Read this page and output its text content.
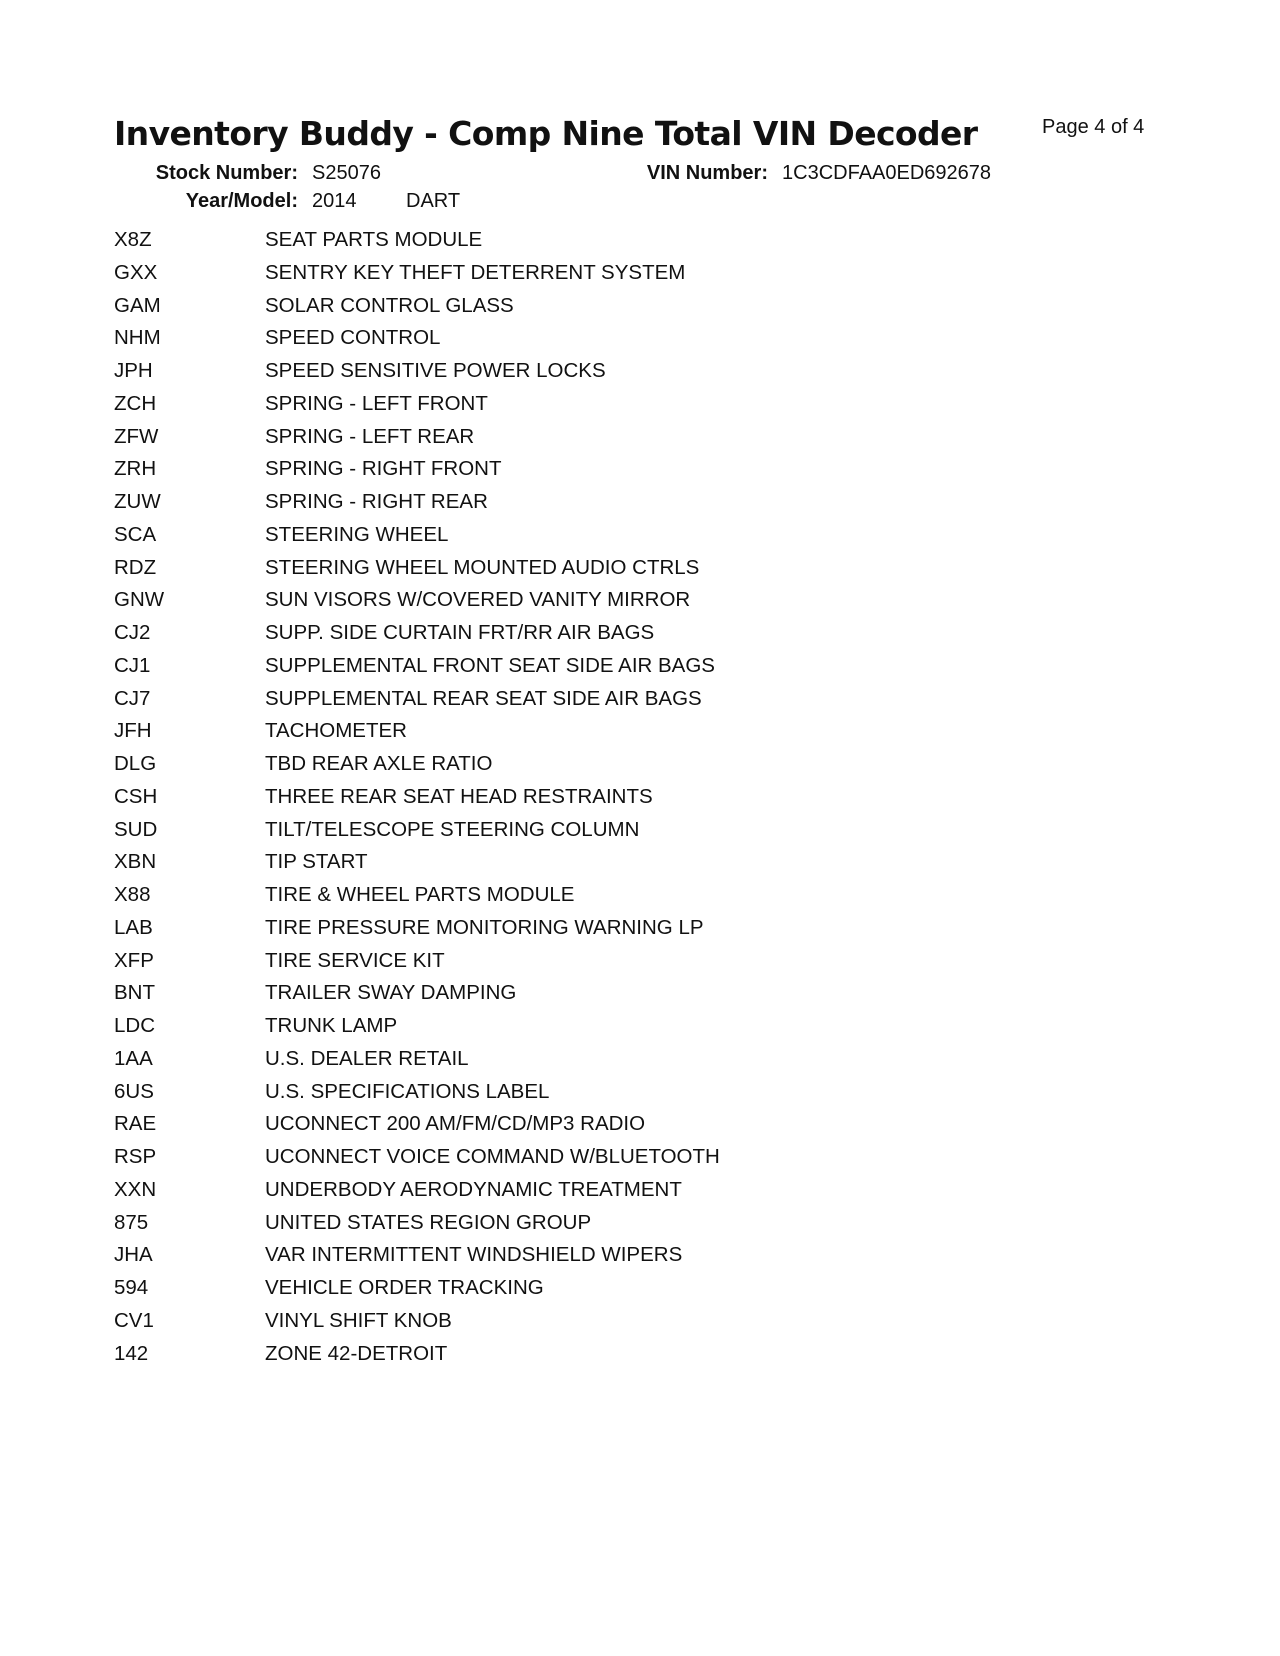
Inventory Buddy - Comp Nine Total VIN Decoder	Page 4 of 4
Stock Number: S25076	VIN Number: 1C3CDFAA0ED692678
Year/Model: 2014 DART
X8Z	SEAT PARTS MODULE
GXX	SENTRY KEY THEFT DETERRENT SYSTEM
GAM	SOLAR CONTROL GLASS
NHM	SPEED CONTROL
JPH	SPEED SENSITIVE POWER LOCKS
ZCH	SPRING - LEFT FRONT
ZFW	SPRING - LEFT REAR
ZRH	SPRING - RIGHT FRONT
ZUW	SPRING - RIGHT REAR
SCA	STEERING WHEEL
RDZ	STEERING WHEEL MOUNTED AUDIO CTRLS
GNW	SUN VISORS W/COVERED VANITY MIRROR
CJ2	SUPP. SIDE CURTAIN FRT/RR AIR BAGS
CJ1	SUPPLEMENTAL FRONT SEAT SIDE AIR BAGS
CJ7	SUPPLEMENTAL REAR SEAT SIDE AIR BAGS
JFH	TACHOMETER
DLG	TBD REAR AXLE RATIO
CSH	THREE REAR SEAT HEAD RESTRAINTS
SUD	TILT/TELESCOPE STEERING COLUMN
XBN	TIP START
X88	TIRE & WHEEL PARTS MODULE
LAB	TIRE PRESSURE MONITORING WARNING LP
XFP	TIRE SERVICE KIT
BNT	TRAILER SWAY DAMPING
LDC	TRUNK LAMP
1AA	U.S. DEALER RETAIL
6US	U.S. SPECIFICATIONS LABEL
RAE	UCONNECT 200 AM/FM/CD/MP3 RADIO
RSP	UCONNECT VOICE COMMAND W/BLUETOOTH
XXN	UNDERBODY AERODYNAMIC TREATMENT
875	UNITED STATES REGION GROUP
JHA	VAR INTERMITTENT WINDSHIELD WIPERS
594	VEHICLE ORDER TRACKING
CV1	VINYL SHIFT KNOB
142	ZONE 42-DETROIT
